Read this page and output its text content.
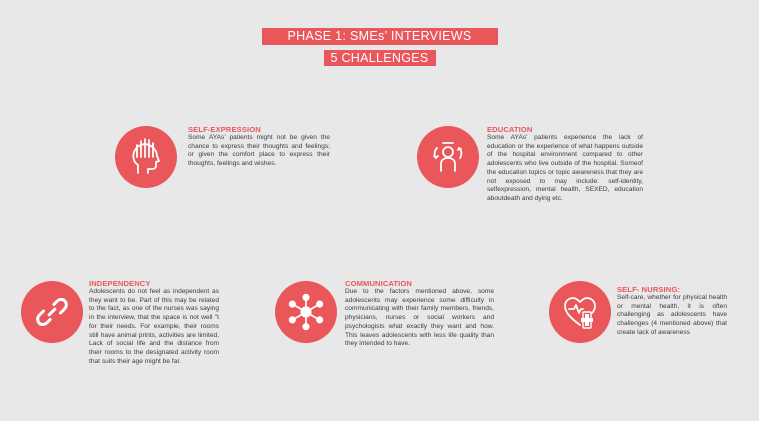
PHASE 1: SMEs’ INTERVIEWS
5 CHALLENGES
SELF-EXPRESSION

Some AYAs’ patients might not be given the chance to express their thoughts and feelings; or given the comfort place to express their thoughts, feelings and wishes.

EDUCATION

Some AYAs’ patients experience the lack of education or the experience of what happens outside of the hospital environment compared to other adolescents who live outside of the hospital. Someof the education topics or topic awareness that they are not exposed to may include: self-identity, selfexpression, mental health, SEXED, education aboutdeath and dying etc.

INDEPENDENCY

Adolescents do not feel as independent as they want to be. Part of this may be related to the fact, as one of the nurses was saying in the interview, that the space is not well "t for their needs. For example, their rooms still have animal prints, activities are limited, Lack of social life and the distance from their rooms to the designated activity room that suits their age might be far.

COMMUNICATION

Due to the factors mentioned above, some adolescents may experience some difficulty in communicating with their family members, friends, physicians, nurses or social workers and psychologists what exactly they want and how. This leaves adolescents with less life quality than they intended to have.

SELF- NURSING:

Self-care, whether for physical health or mental health, it is often challenging as adolescents have challenges (4 mentioned above) that create lack of awareness
